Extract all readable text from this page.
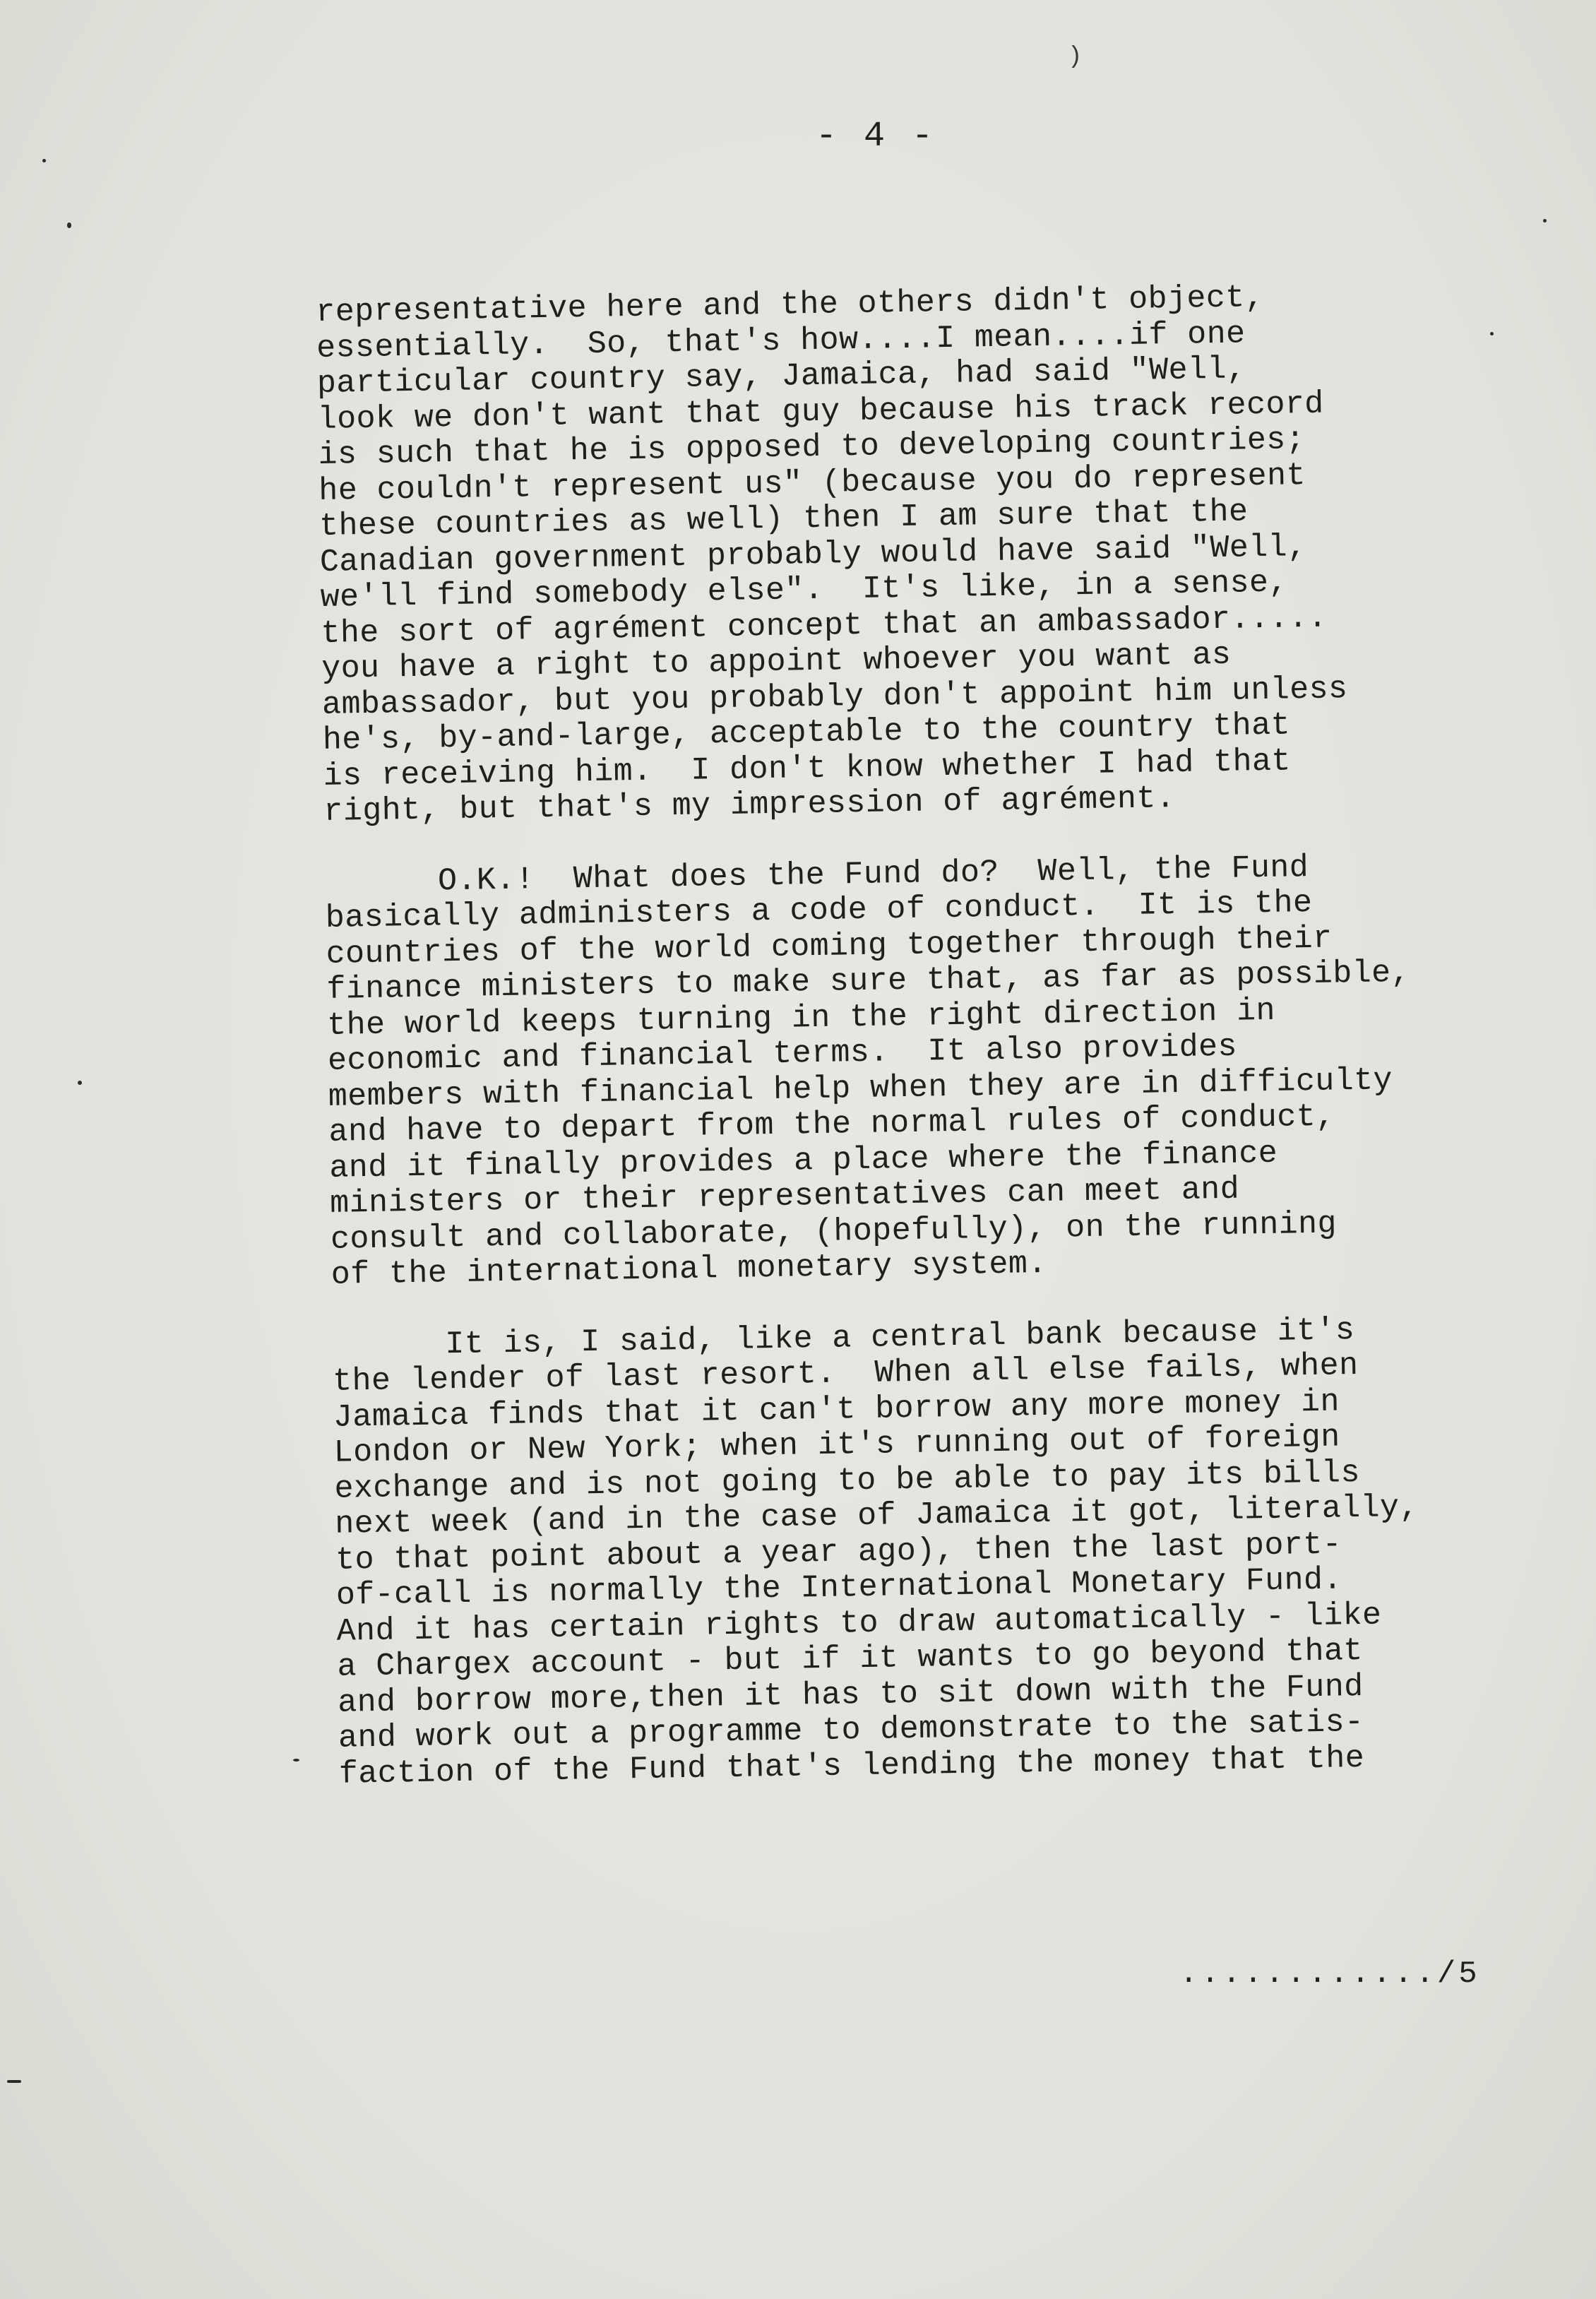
)
- 4 -

representative here and the others didn't object,
essentially.  So, that's how....I mean....if one
particular country say, Jamaica, had said "Well,
look we don't want that guy because his track record
is such that he is opposed to developing countries;
he couldn't represent us" (because you do represent
these countries as well) then I am sure that the
Canadian government probably would have said "Well,
we'll find somebody else".  It's like, in a sense,
the sort of agrément concept that an ambassador.....
you have a right to appoint whoever you want as
ambassador, but you probably don't appoint him unless
he's, by-and-large, acceptable to the country that
is receiving him.  I don't know whether I had that
right, but that's my impression of agrément.

O.K.!  What does the Fund do?  Well, the Fund
basically administers a code of conduct.  It is the
countries of the world coming together through their
finance ministers to make sure that, as far as possible,
the world keeps turning in the right direction in
economic and financial terms.  It also provides
members with financial help when they are in difficulty
and have to depart from the normal rules of conduct,
and it finally provides a place where the finance
ministers or their representatives can meet and
consult and collaborate, (hopefully), on the running
of the international monetary system.

It is, I said, like a central bank because it's
the lender of last resort.  When all else fails, when
Jamaica finds that it can't borrow any more money in
London or New York; when it's running out of foreign
exchange and is not going to be able to pay its bills
next week (and in the case of Jamaica it got, literally,
to that point about a year ago), then the last port-
of-call is normally the International Monetary Fund.
And it has certain rights to draw automatically - like
a Chargex account - but if it wants to go beyond that
and borrow more,then it has to sit down with the Fund
and work out a programme to demonstrate to the satis-
faction of the Fund that's lending the money that the

............/5
